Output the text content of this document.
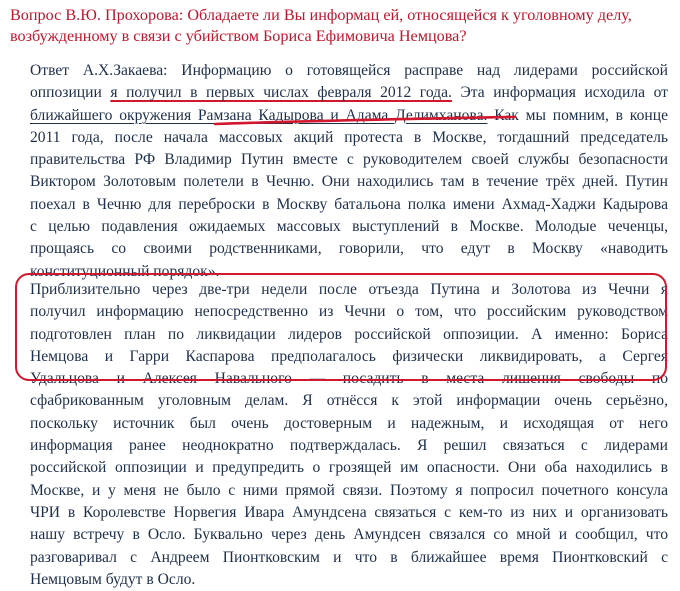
Вопрос В.Ю. Прохорова: Обладаете ли Вы информац ей, относящейся к уголовному делу, возбужденному в связи с убийством Бориса Ефимовича Немцова?
Ответ А.Х.Закаева: Информацию о готовящейся расправе над лидерами российской
оппозиции я получил в первых числах февраля 2012 года. Эта информация исходила от
ближайшего окружения Рамзана Кадырова и Адама Делимханова. Как мы помним, в конце
2011 года, после начала массовых акций протеста в Москве, тогдашний председатель
правительства РФ Владимир Путин вместе с руководителем своей службы безопасности
Виктором Золотовым полетели в Чечню. Они находились там в течение трёх дней. Путин
поехал в Чечню для переброски в Москву батальона полка имени Ахмад-Хаджи Кадырова
с целью подавления ожидаемых массовых выступлений в Москве. Молодые чеченцы,
прощаясь со своими родственниками, говорили, что едут в Москву «наводить
конституционный порядок».
Приблизительно через две-три недели после отъезда Путина и Золотова из Чечни я
получил информацию непосредственно из Чечни о том, что российским руководством
подготовлен план по ликвидации лидеров российской оппозиции. А именно: Бориса
Немцова и Гарри Каспарова предполагалось физически ликвидировать, а Сергея
Удальцова и Алексея Навального — посадить в места лишения свободы по
сфабрикованным уголовным делам. Я отнёсся к этой информации очень серьёзно,
поскольку источник был очень достоверным и надежным, и исходящая от него
информация ранее неоднократно подтверждалась. Я решил связаться с лидерами
российской оппозиции и предупредить о грозящей им опасности. Они оба находились в
Москве, и у меня не было с ними прямой связи. Поэтому я попросил почетного консула
ЧРИ в Королевстве Норвегия Ивара Амундсена связаться с кем-то из них и организовать
нашу встречу в Осло. Буквально через день Амундсен связался со мной и сообщил, что
разговаривал с Андреем Пионтковским и что в ближайшее время Пионтковский с
Немцовым будут в Осло.
